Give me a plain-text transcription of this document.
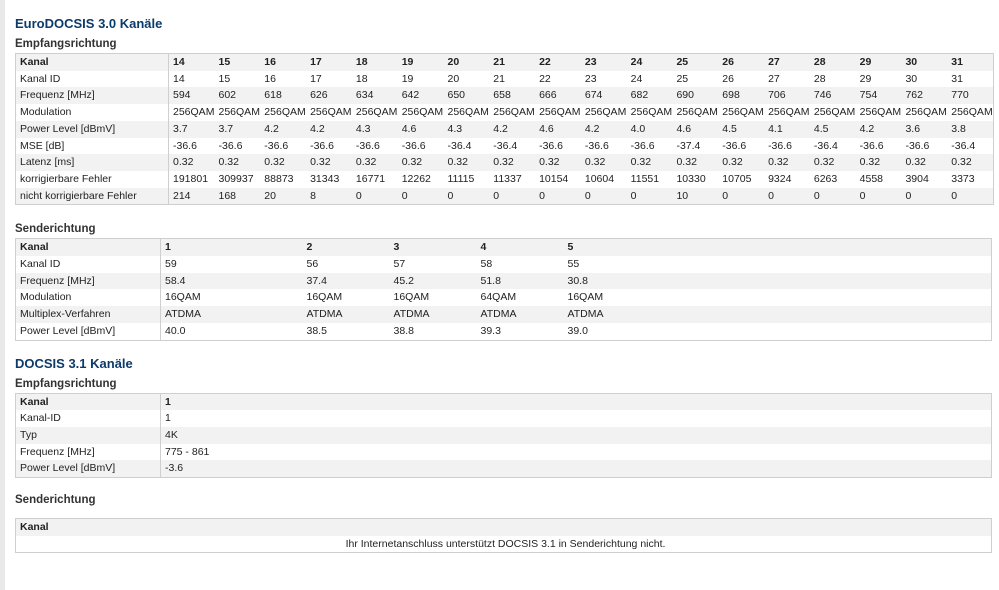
EuroDOCSIS 3.0 Kanäle
Empfangsrichtung
Kanal	14	15	16	17	18	19	20	21	22	23	24	25	26	27	28	29	30	31	
Kanal ID	14	15	16	17	18	19	20	21	22	23	24	25	26	27	28	29	30	31	
Frequenz [MHz]	594	602	618	626	634	642	650	658	666	674	682	690	698	706	746	754	762	770	
Modulation	256QAM	256QAM	256QAM	256QAM	256QAM	256QAM	256QAM	256QAM	256QAM	256QAM	256QAM	256QAM	256QAM	256QAM	256QAM	256QAM	256QAM	256QAM	
Power Level [dBmV]	3.7	3.7	4.2	4.2	4.3	4.6	4.3	4.2	4.6	4.2	4.0	4.6	4.5	4.1	4.5	4.2	3.6	3.8	
MSE [dB]	-36.6	-36.6	-36.6	-36.6	-36.6	-36.6	-36.4	-36.4	-36.6	-36.6	-36.6	-37.4	-36.6	-36.6	-36.4	-36.6	-36.6	-36.4	
Latenz [ms]	0.32	0.32	0.32	0.32	0.32	0.32	0.32	0.32	0.32	0.32	0.32	0.32	0.32	0.32	0.32	0.32	0.32	0.32	
korrigierbare Fehler	191801	309937	88873	31343	16771	12262	11115	11337	10154	10604	11551	10330	10705	9324	6263	4558	3904	3373	
nicht korrigierbare Fehler	214	168	20	8	0	0	0	0	0	0	0	10	0	0	0	0	0	0	
Senderichtung
Kanal	1	2	3	4	5	
Kanal ID	59	56	57	58	55	
Frequenz [MHz]	58.4	37.4	45.2	51.8	30.8	
Modulation	16QAM	16QAM	16QAM	64QAM	16QAM	
Multiplex-Verfahren	ATDMA	ATDMA	ATDMA	ATDMA	ATDMA	
Power Level [dBmV]	40.0	38.5	38.8	39.3	39.0	
DOCSIS 3.1 Kanäle
Empfangsrichtung
Kanal	1	
Kanal-ID	1	
Typ	4K	
Frequenz [MHz]	775 - 861	
Power Level [dBmV]	-3.6	
Senderichtung
Kanal
Ihr Internetanschluss unterstützt DOCSIS 3.1 in Senderichtung nicht.
